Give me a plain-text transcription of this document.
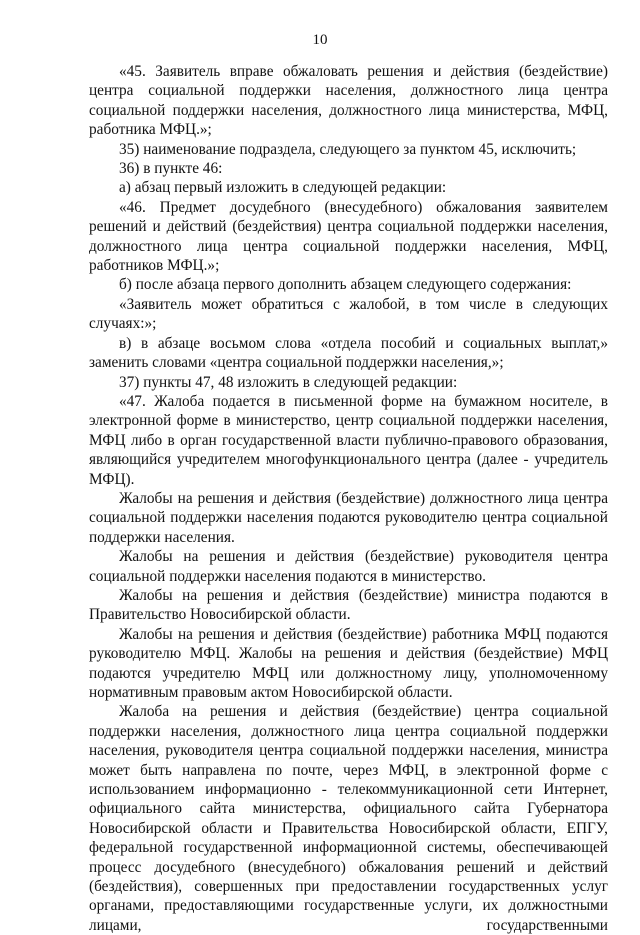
10

«45. Заявитель вправе обжаловать решения и действия (бездействие) центра социальной поддержки населения, должностного лица центра социальной поддержки населения, должностного лица министерства, МФЦ, работника МФЦ.»;

35) наименование подраздела, следующего за пунктом 45, исключить;

36) в пункте 46:

а) абзац первый изложить в следующей редакции:

«46. Предмет досудебного (внесудебного) обжалования заявителем решений и действий (бездействия) центра социальной поддержки населения, должностного лица центра социальной поддержки населения, МФЦ, работников МФЦ.»;

б) после абзаца первого дополнить абзацем следующего содержания:

«Заявитель может обратиться с жалобой, в том числе в следующих случаях:»;

в) в абзаце восьмом слова «отдела пособий и социальных выплат,» заменить словами «центра социальной поддержки населения,»;

37) пункты 47, 48 изложить в следующей редакции:

«47. Жалоба подается в письменной форме на бумажном носителе, в электронной форме в министерство, центр социальной поддержки населения, МФЦ либо в орган государственной власти публично-правового образования, являющийся учредителем многофункционального центра (далее - учредитель МФЦ).

Жалобы на решения и действия (бездействие) должностного лица центра социальной поддержки населения подаются руководителю центра социальной поддержки населения.

Жалобы на решения и действия (бездействие) руководителя центра социальной поддержки населения подаются в министерство.

Жалобы на решения и действия (бездействие) министра подаются в Правительство Новосибирской области.

Жалобы на решения и действия (бездействие) работника МФЦ подаются руководителю МФЦ. Жалобы на решения и действия (бездействие) МФЦ подаются учредителю МФЦ или должностному лицу, уполномоченному нормативным правовым актом Новосибирской области.

Жалоба на решения и действия (бездействие) центра социальной поддержки населения, должностного лица центра социальной поддержки населения, руководителя центра социальной поддержки населения, министра может быть направлена по почте, через МФЦ, в электронной форме с использованием информационно - телекоммуникационной сети Интернет, официального сайта министерства, официального сайта Губернатора Новосибирской области и Правительства Новосибирской области, ЕПГУ, федеральной государственной информационной системы, обеспечивающей процесс досудебного (внесудебного) обжалования решений и действий (бездействия), совершенных при предоставлении государственных услуг органами, предоставляющими государственные услуги, их должностными лицами, государственными
